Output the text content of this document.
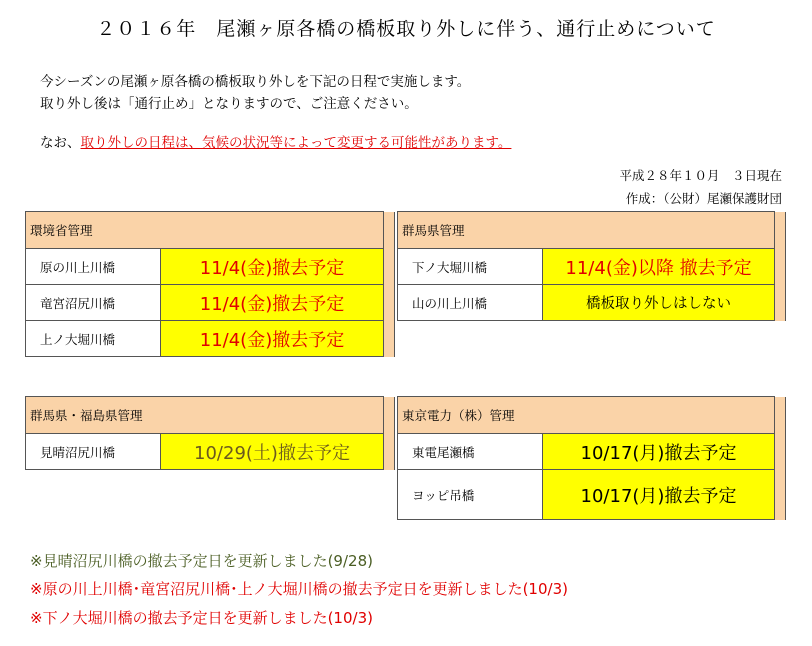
２０１６年　尾瀬ヶ原各橋の橋板取り外しに伴う、通行止めについて
今シーズンの尾瀬ヶ原各橋の橋板取り外しを下記の日程で実施します。
取り外し後は「通行止め」となりますので、ご注意ください。
なお、取り外しの日程は、気候の状況等によって変更する可能性があります。
平成２８年１０月　３日現在
作成：（公財）尾瀬保護財団
環境省管理		
原の川上川橋	11/4(金)撤去予定	
竜宮沼尻川橋	11/4(金)撤去予定	
上ノ大堀川橋	11/4(金)撤去予定	
群馬県管理		
下ノ大堀川橋	11/4(金)以降 撤去予定	
山の川上川橋	橋板取り外しはしない	
群馬県・福島県管理		
見晴沼尻川橋	10/29(土)撤去予定	
東京電力（株）管理		
東電尾瀬橋	10/17(月)撤去予定	
ヨッピ吊橋	10/17(月)撤去予定	
※見晴沼尻川橋の撤去予定日を更新しました(9/28)
※原の川上川橋･竜宮沼尻川橋･上ノ大堀川橋の撤去予定日を更新しました(10/3)
※下ノ大堀川橋の撤去予定日を更新しました(10/3)
